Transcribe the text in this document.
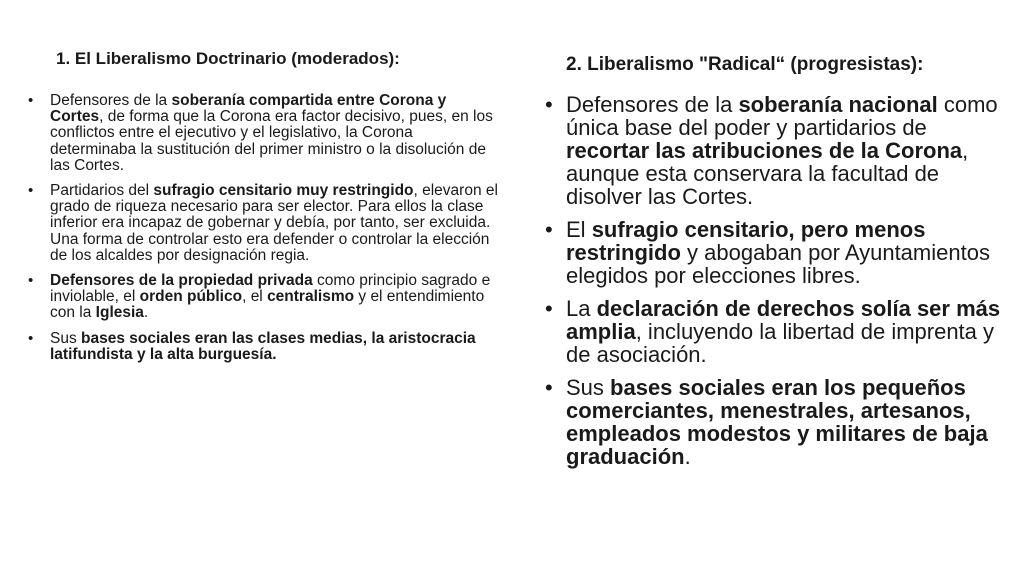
1. El Liberalismo Doctrinario (moderados):
• Defensores de la soberanía compartida entre Corona y Cortes, de forma que la Corona era factor decisivo, pues, en los conflictos entre el ejecutivo y el legislativo, la Corona determinaba la sustitución del primer ministro o la disolución de las Cortes.
• Partidarios del sufragio censitario muy restringido, elevaron el grado de riqueza necesario para ser elector. Para ellos la clase inferior era incapaz de gobernar y debía, por tanto, ser excluida. Una forma de controlar esto era defender o controlar la elección de los alcaldes por designación regia.
• Defensores de la propiedad privada como principio sagrado e inviolable, el orden público, el centralismo y el entendimiento con la Iglesia.
• Sus bases sociales eran las clases medias, la aristocracia latifundista y la alta burguesía.
2. Liberalismo "Radical“ (progresistas):
• Defensores de la soberanía nacional como única base del poder y partidarios de recortar las atribuciones de la Corona, aunque esta conservara la facultad de disolver las Cortes.
• El sufragio censitario, pero menos restringido y abogaban por Ayuntamientos elegidos por elecciones libres.
• La declaración de derechos solía ser más amplia, incluyendo la libertad de imprenta y de asociación.
• Sus bases sociales eran los pequeños comerciantes, menestrales, artesanos, empleados modestos y militares de baja graduación.
